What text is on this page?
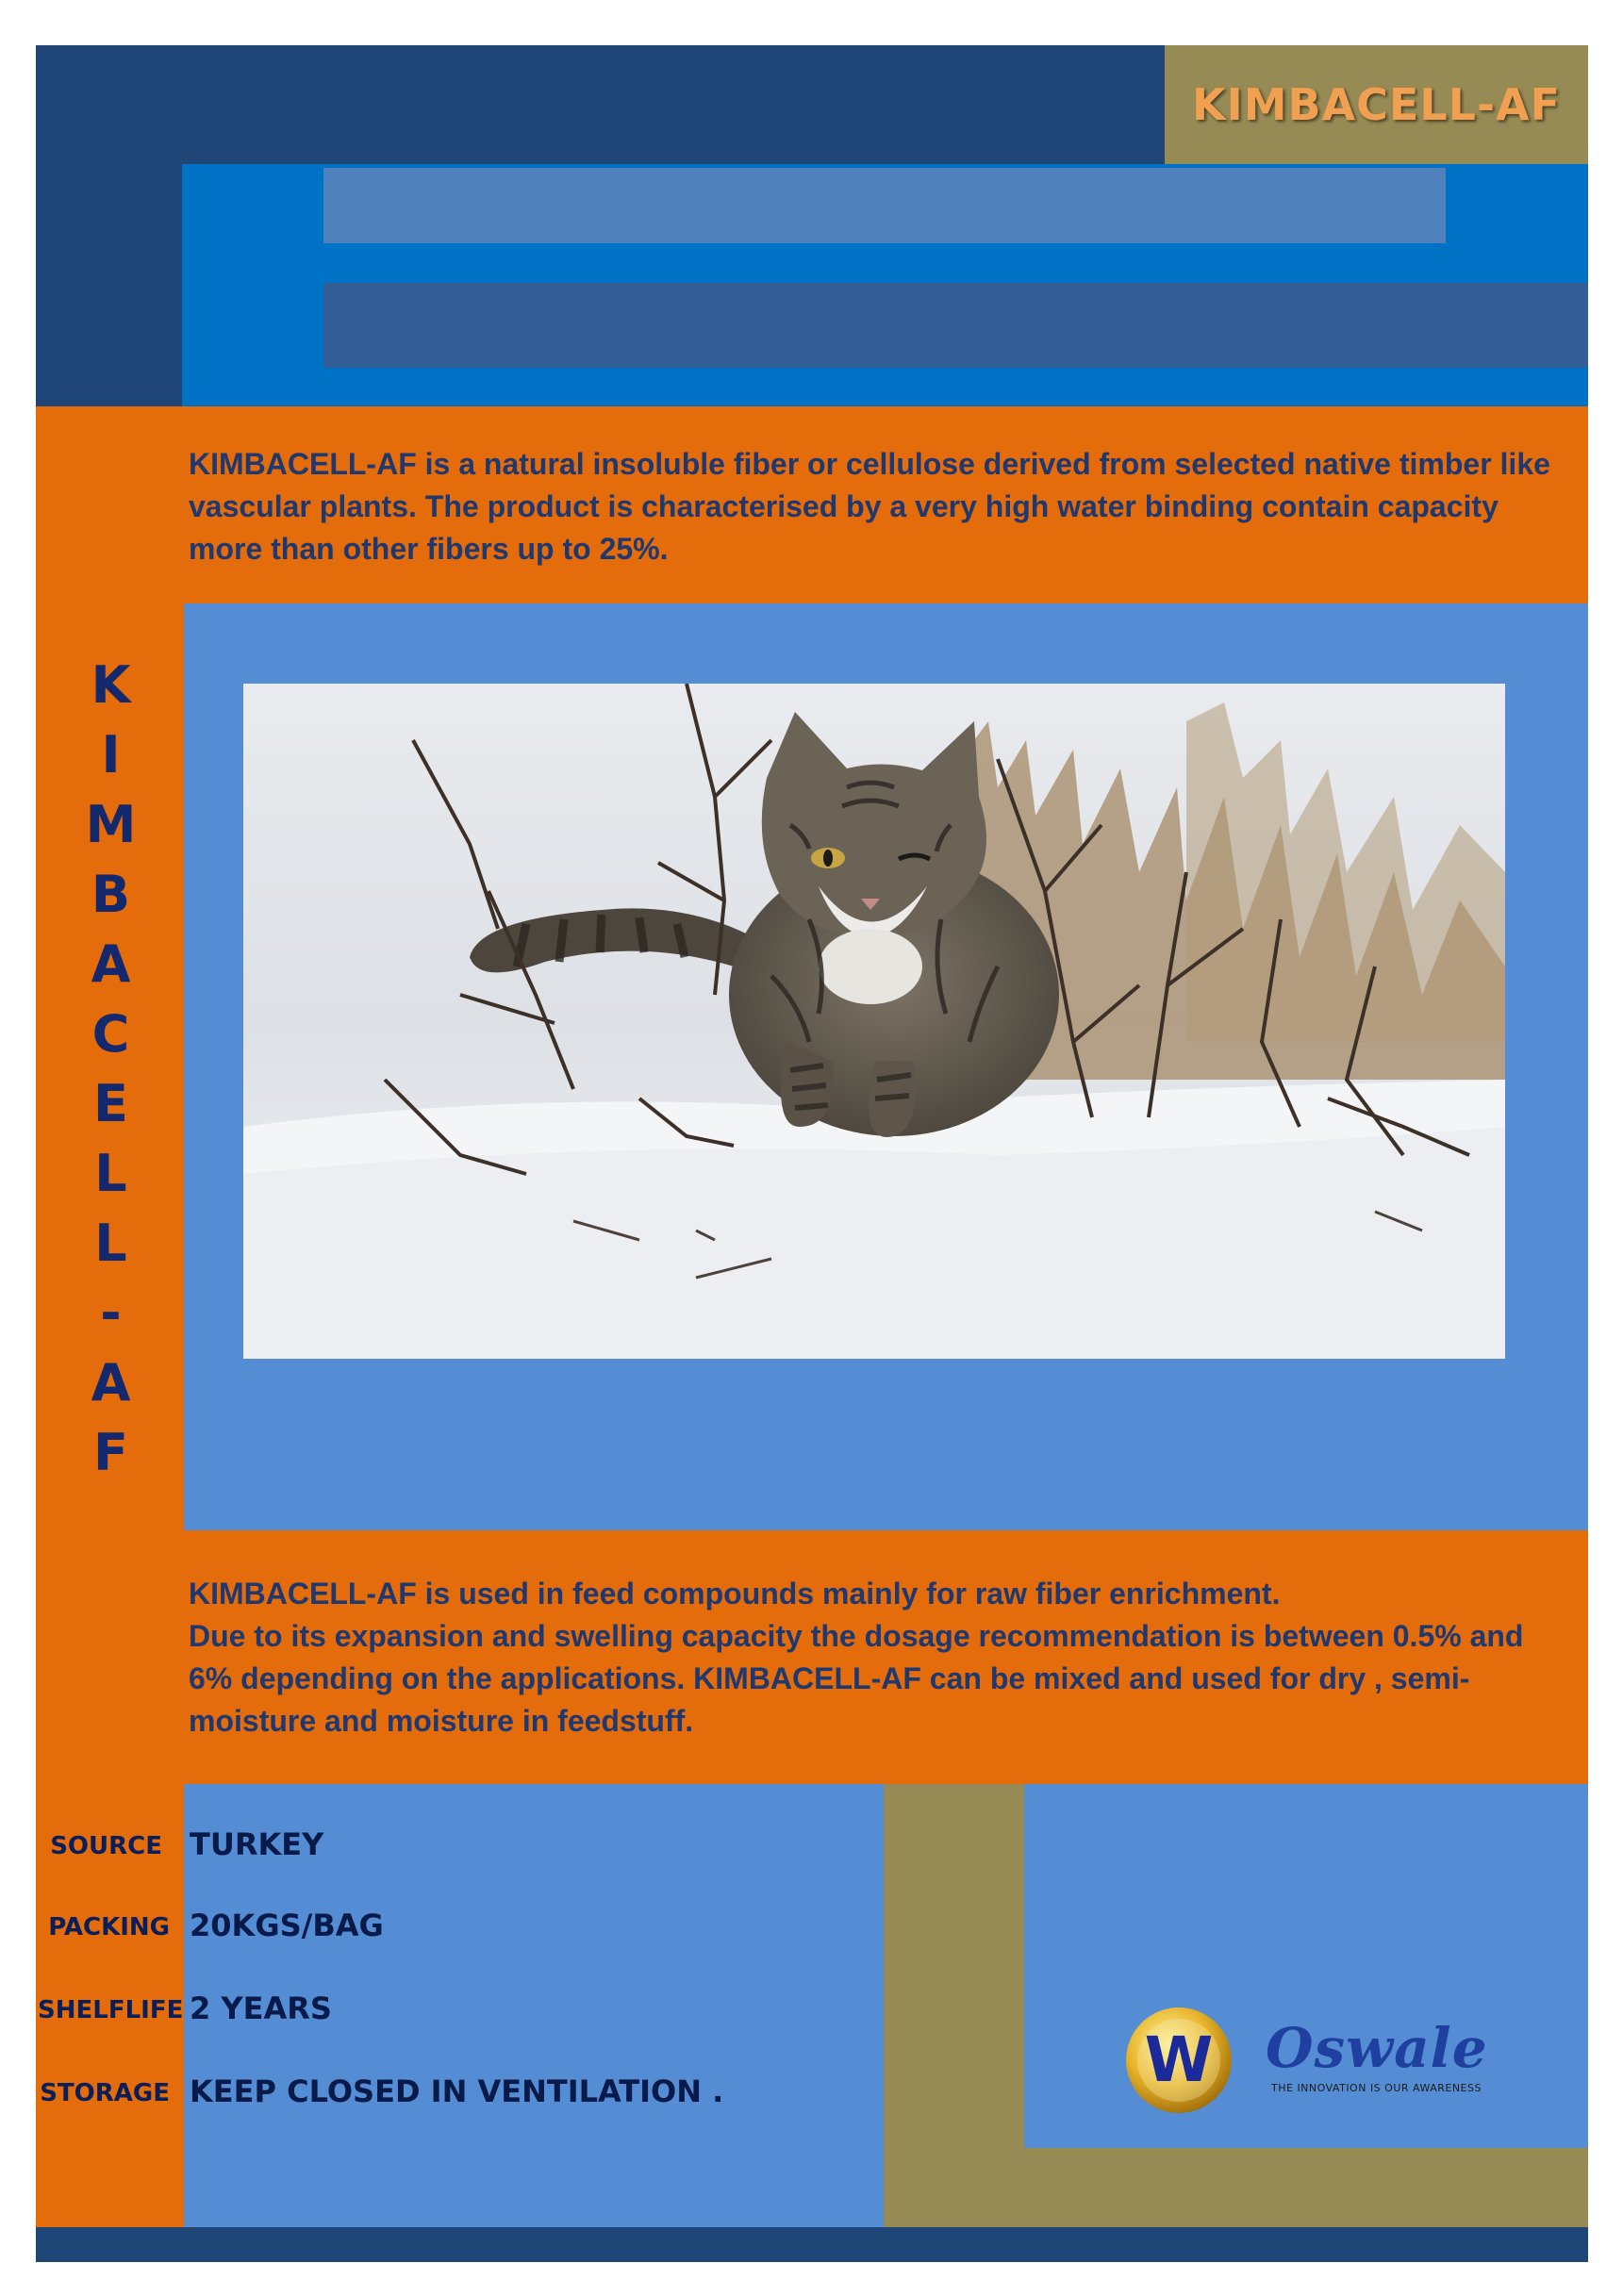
KIMBACELL-AF
KIMBACELL-AF is a natural insoluble fiber or cellulose derived from selected native timber like vascular plants. The product is characterised by a very high water binding contain capacity more than other fibers up to 25%.
K
I
M
B
A
C
E
L
L
-
A
F
KIMBACELL-AF is used in feed compounds mainly for raw fiber enrichment.
Due to its expansion and swelling capacity the dosage recommendation is between 0.5% and 6% depending on the applications. KIMBACELL-AF can be mixed and used for dry , semi-moisture and moisture in feedstuff.
SOURCE TURKEY
PACKING 20KGS/BAG
SHELFLIFE 2 YEARS
STORAGE KEEP CLOSED IN VENTILATION .	W Oswale
THE INNOVATION IS OUR AWARENESS
